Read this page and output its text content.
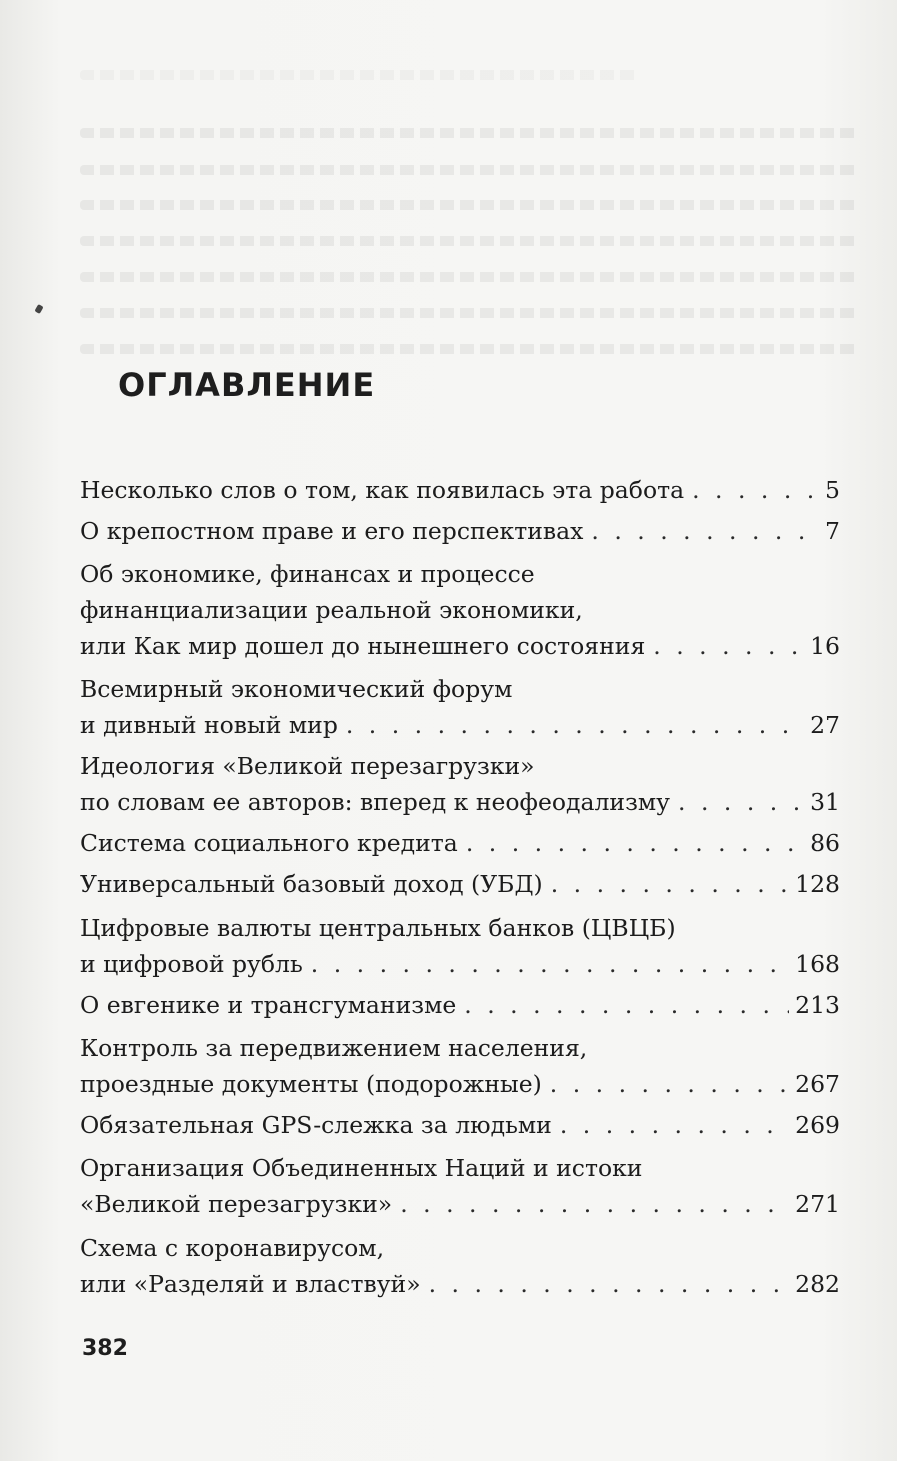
ОГЛАВЛЕНИЕ
Несколько слов о том, как появилась эта работа . . .	5
О крепостном праве и его перспективах . . .	7
Об экономике, финансах и процессе
финанциализации реальной экономики,
или Как мир дошел до нынешнего состояния . . .	16
Всемирный экономический форум
и дивный новый мир . . .	27
Идеология «Великой перезагрузки»
по словам ее авторов: вперед к неофеодализму . . .	31
Система социального кредита . . .	86
Универсальный базовый доход (УБД) . . .	128
Цифровые валюты центральных банков (ЦВЦБ)
и цифровой рубль . . .	168
О евгенике и трансгуманизме . . .	213
Контроль за передвижением населения,
проездные документы (подорожные) . . .	267
Обязательная GPS-слежка за людьми . . .	269
Организация Объединенных Наций и истоки
«Великой перезагрузки» . . .	271
Схема с коронавирусом,
или «Разделяй и властвуй» . . .	282

382
